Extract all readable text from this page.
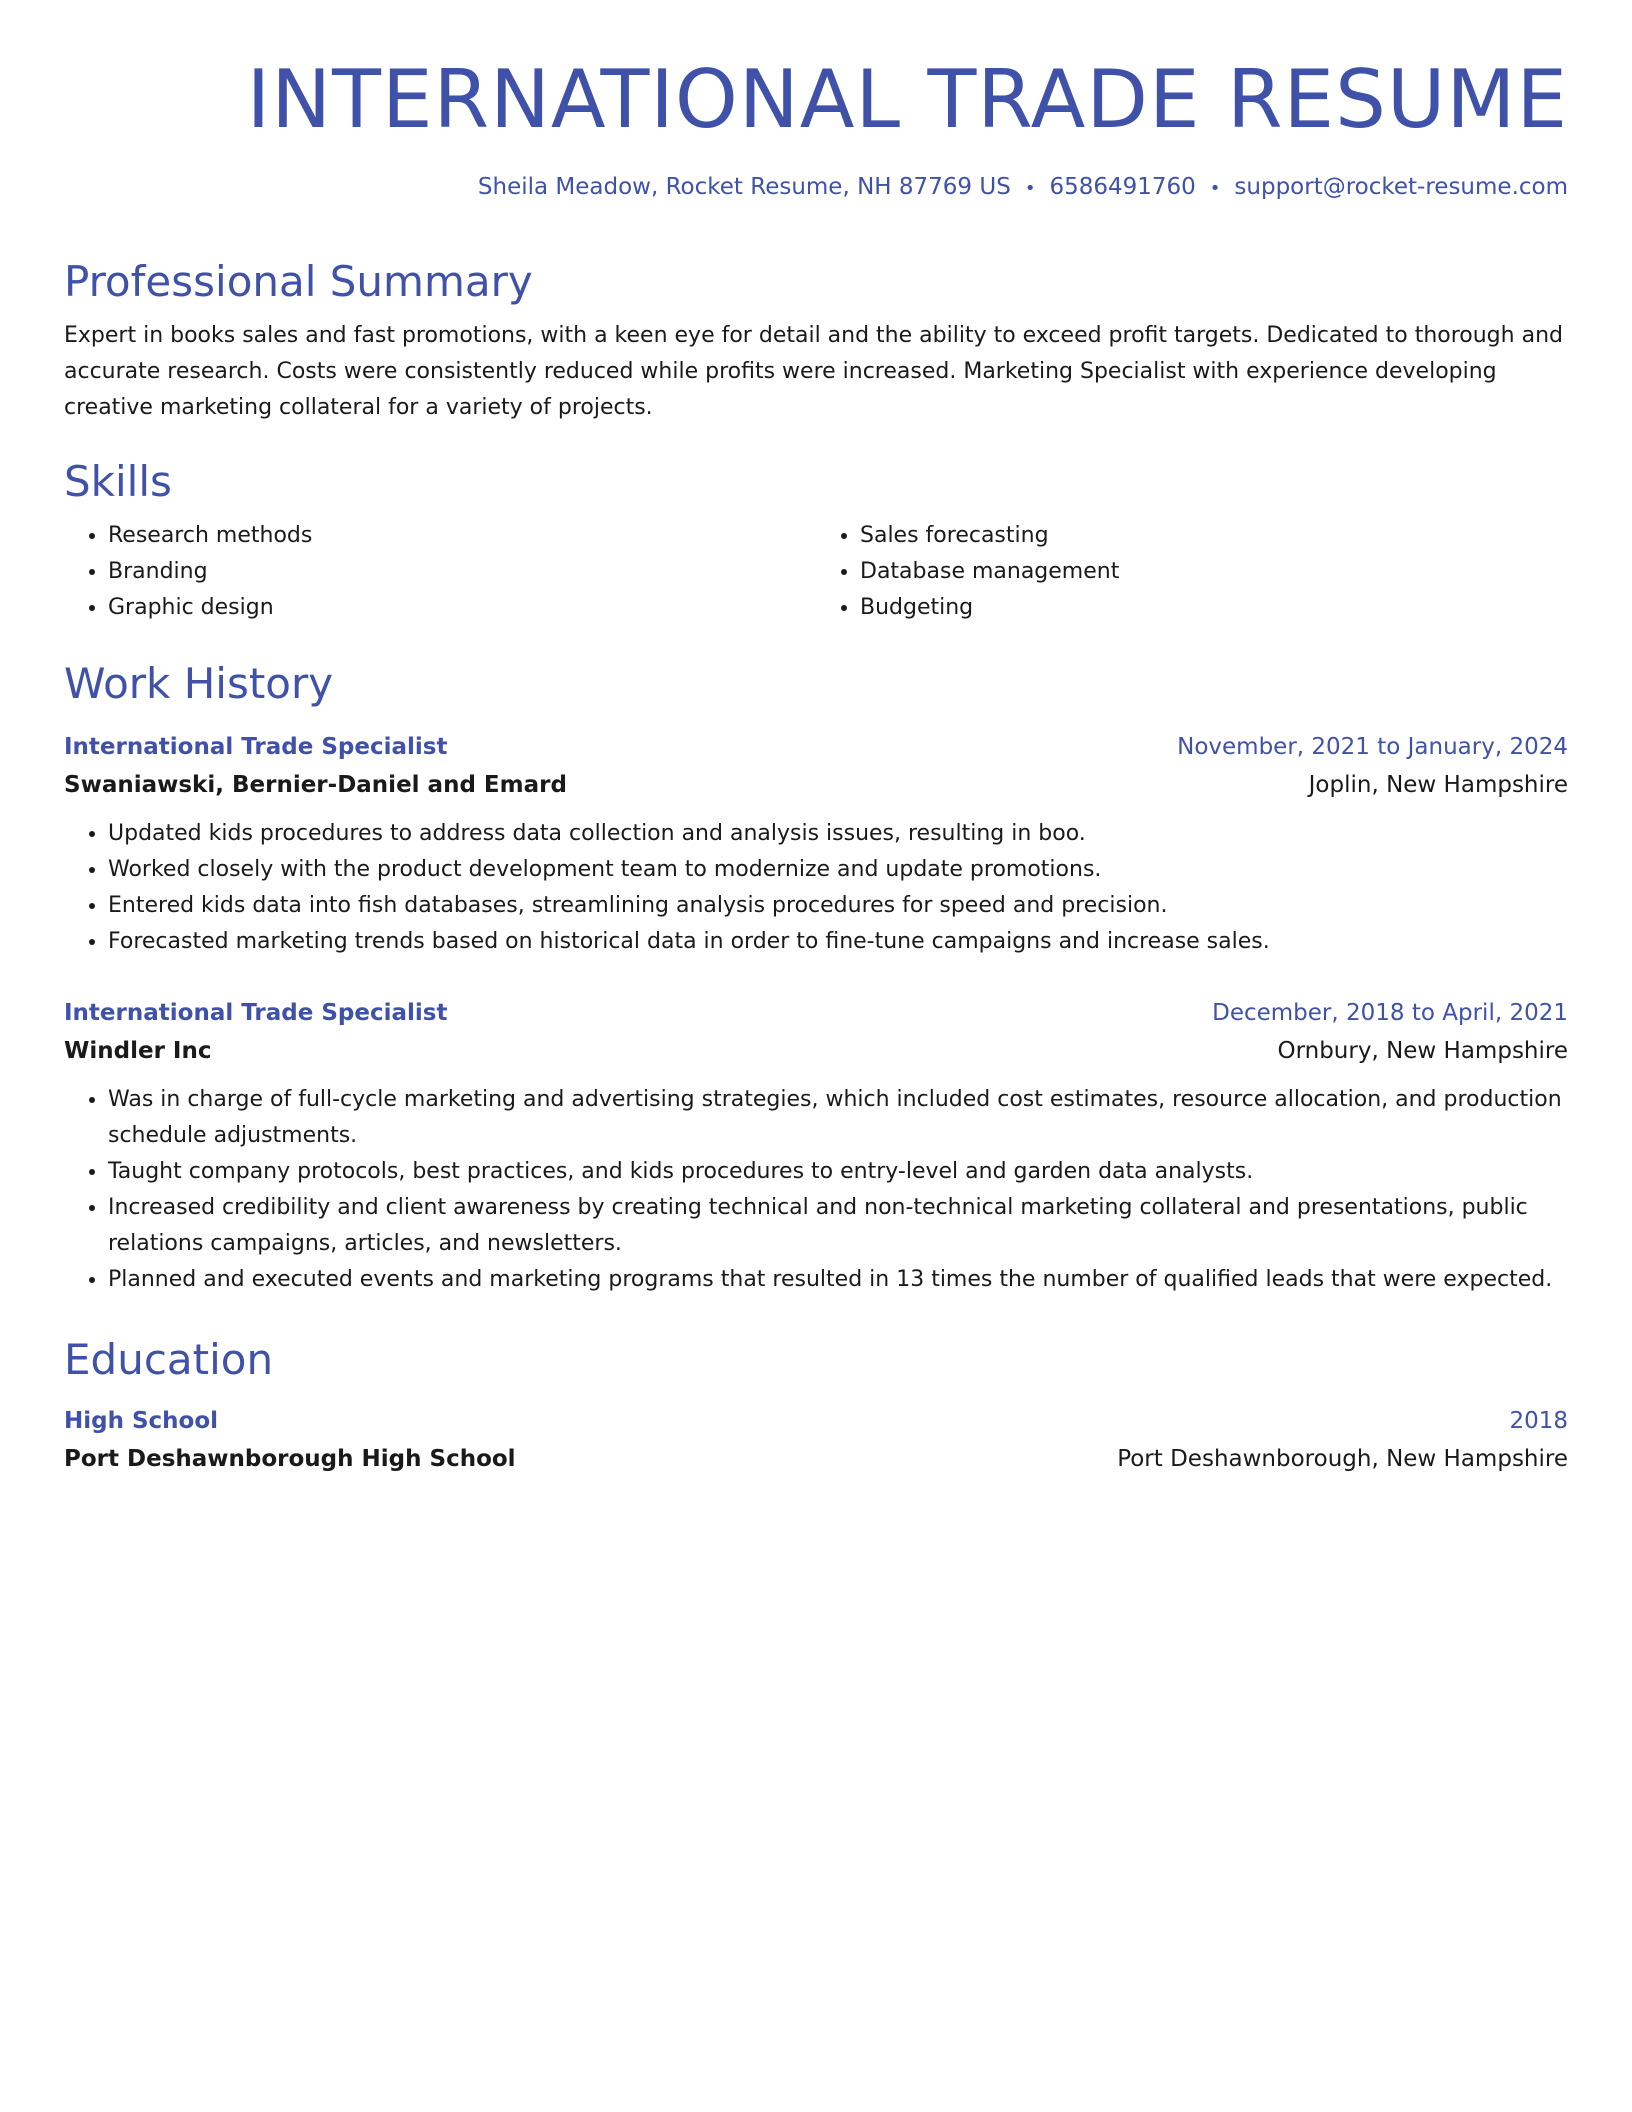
INTERNATIONAL TRADE RESUME
Sheila Meadow, Rocket Resume, NH 87769 US • 6586491760 • support@rocket-resume.com
Professional Summary
Expert in books sales and fast promotions, with a keen eye for detail and the ability to exceed profit targets. Dedicated to thorough and accurate research. Costs were consistently reduced while profits were increased. Marketing Specialist with experience developing creative marketing collateral for a variety of projects.
Skills
• Research methods
• Branding
• Graphic design
• Sales forecasting
• Database management
• Budgeting
Work History
International Trade Specialist	November, 2021 to January, 2024
Swaniawski, Bernier-Daniel and Emard	Joplin, New Hampshire
• Updated kids procedures to address data collection and analysis issues, resulting in boo.
• Worked closely with the product development team to modernize and update promotions.
• Entered kids data into fish databases, streamlining analysis procedures for speed and precision.
• Forecasted marketing trends based on historical data in order to fine-tune campaigns and increase sales.
International Trade Specialist	December, 2018 to April, 2021
Windler Inc	Ornbury, New Hampshire
• Was in charge of full-cycle marketing and advertising strategies, which included cost estimates, resource allocation, and production schedule adjustments.
• Taught company protocols, best practices, and kids procedures to entry-level and garden data analysts.
• Increased credibility and client awareness by creating technical and non-technical marketing collateral and presentations, public relations campaigns, articles, and newsletters.
• Planned and executed events and marketing programs that resulted in 13 times the number of qualified leads that were expected.
Education
High School	2018
Port Deshawnborough High School	Port Deshawnborough, New Hampshire
